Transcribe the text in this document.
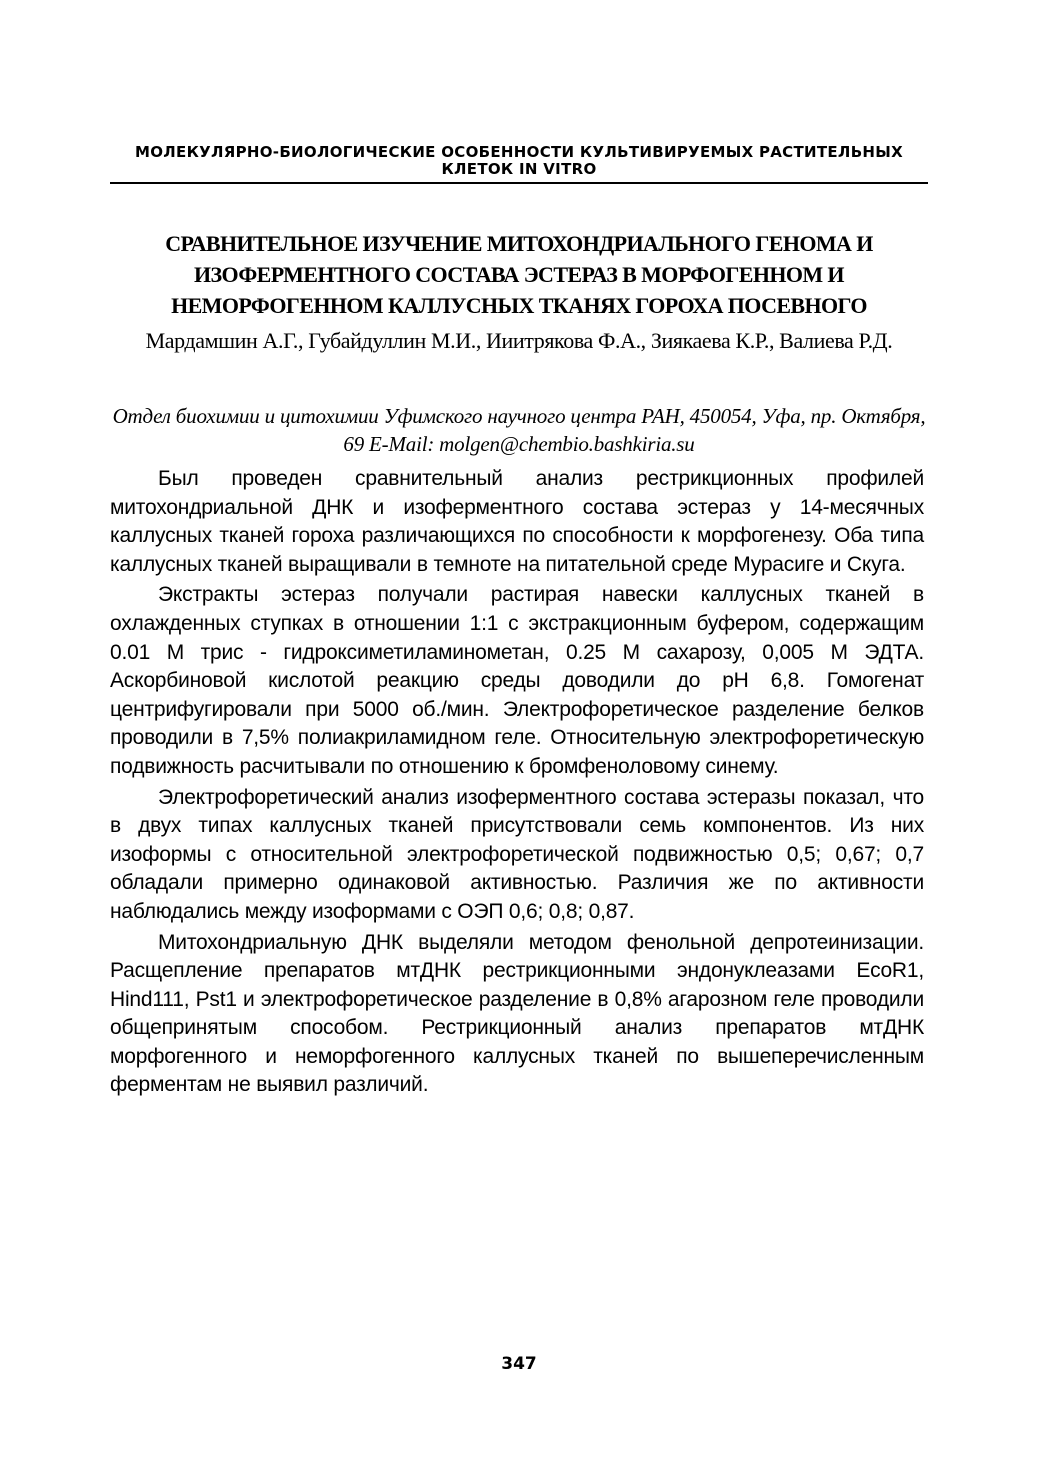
МОЛЕКУЛЯРНО-БИОЛОГИЧЕСКИЕ ОСОБЕННОСТИ КУЛЬТИВИРУЕМЫХ РАСТИТЕЛЬНЫХ КЛЕТОК IN VITRO
СРАВНИТЕЛЬНОЕ ИЗУЧЕНИЕ МИТОХОНДРИАЛЬНОГО ГЕНОМА И ИЗОФЕРМЕНТНОГО СОСТАВА ЭСТЕРАЗ В МОРФОГЕННОМ И НЕМОРФОГЕННОМ КАЛЛУСНЫХ ТКАНЯХ ГОРОХА ПОСЕВНОГО
Мардамшин А.Г., Губайдуллин М.И., Ииитрякова Ф.А., Зиякаева К.Р., Валиева Р.Д.
Отдел биохимии и цитохимии Уфимского научного центра РАН, 450054, Уфа, пр. Октября, 69 E-Mail: molgen@chembio.bashkiria.su

Был проведен сравнительный анализ рестрикционных профилей митохондриальной ДНК и изоферментного состава эстераз у 14-месячных каллусных тканей гороха различающихся по способности к морфогенезу. Оба типа каллусных тканей выращивали в темноте на питательной среде Мурасиге и Скуга.

Экстракты эстераз получали растирая навески каллусных тканей в охлажденных ступках в отношении 1:1 с экстракционным буфером, содержащим 0.01 М трис - гидроксиметиламинометан, 0.25 М сахарозу, 0,005 М ЭДТА. Аскорбиновой кислотой реакцию среды доводили до pH 6,8. Гомогенат центрифугировали при 5000 об./мин. Электрофоретическое разделение белков проводили в 7,5% полиакриламидном геле. Относительную электрофоретическую подвижность расчитывали по отношению к бромфеноловому синему.

Электрофоретический анализ изоферментного состава эстеразы показал, что в двух типах каллусных тканей присутствовали семь компонентов. Из них изоформы с относительной электрофоретической подвижностью 0,5; 0,67; 0,7 обладали примерно одинаковой активностью. Различия же по активности наблюдались между изоформами с ОЭП 0,6; 0,8; 0,87.

Митохондриальную ДНК выделяли методом фенольной депротеинизации. Расщепление препаратов мтДНК рестрикционными эндонуклеазами EcoR1, Hind111, Pst1 и электрофоретическое разделение в 0,8% агарозном геле проводили общепринятым способом. Рестрикционный анализ препаратов мтДНК морфогенного и неморфогенного каллусных тканей по вышеперечисленным ферментам не выявил различий.

347
